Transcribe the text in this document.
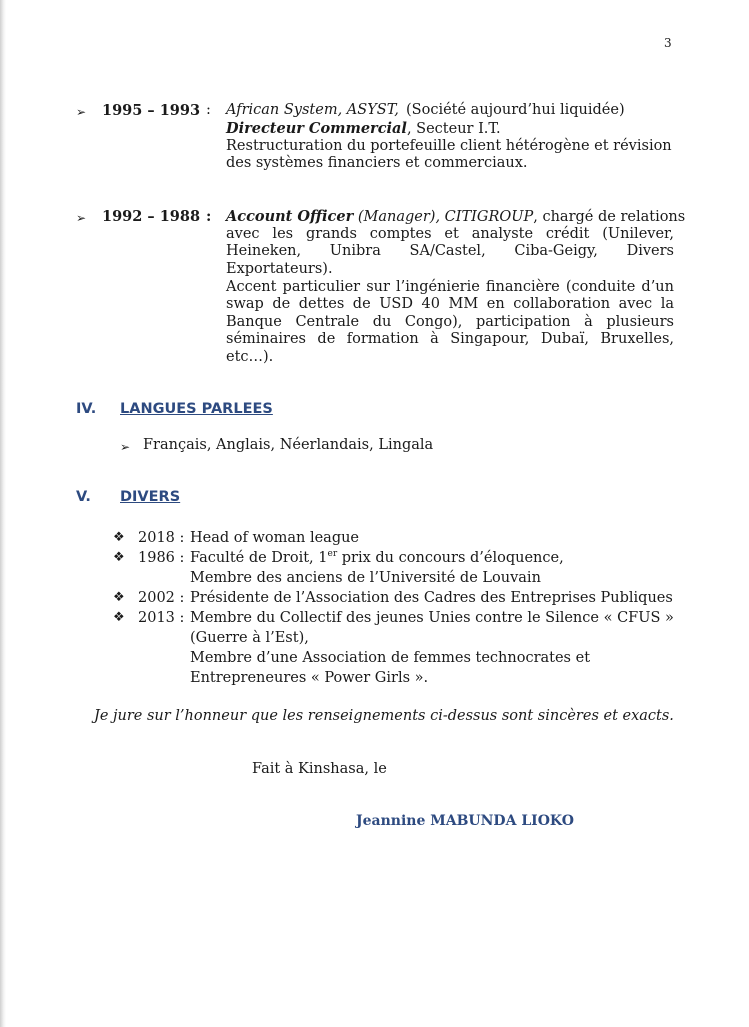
3
➢ 1995 – 1993 : African System, ASYST, (Société aujourd’hui liquidée)
Directeur Commercial, Secteur I.T.
Restructuration du portefeuille client hétérogène et révision
des systèmes financiers et commerciaux.
➢ 1992 – 1988 : Account Officer (Manager), CITIGROUP, chargé de relations
avec les grands comptes et analyste crédit (Unilever,
Heineken, Unibra SA/Castel, Ciba-Geigy, Divers
Exportateurs).
Accent particulier sur l’ingénierie financière (conduite d’un
swap de dettes de USD 40 MM en collaboration avec la
Banque Centrale du Congo), participation à plusieurs
séminaires de formation à Singapour, Dubaï, Bruxelles,
etc…).
IV. LANGUES PARLEES
➢ Français, Anglais, Néerlandais, Lingala
V. DIVERS
❖ 2018 : Head of woman league
❖ 1986 : Faculté de Droit, 1er prix du concours d’éloquence,
Membre des anciens de l’Université de Louvain
❖ 2002 : Présidente de l’Association des Cadres des Entreprises Publiques
❖ 2013 : Membre du Collectif des jeunes Unies contre le Silence « CFUS »
(Guerre à l’Est),
Membre d’une Association de femmes technocrates et
Entrepreneures « Power Girls ».
Je jure sur l’honneur que les renseignements ci-dessus sont sincères et exacts.
Fait à Kinshasa, le
Jeannine MABUNDA LIOKO
